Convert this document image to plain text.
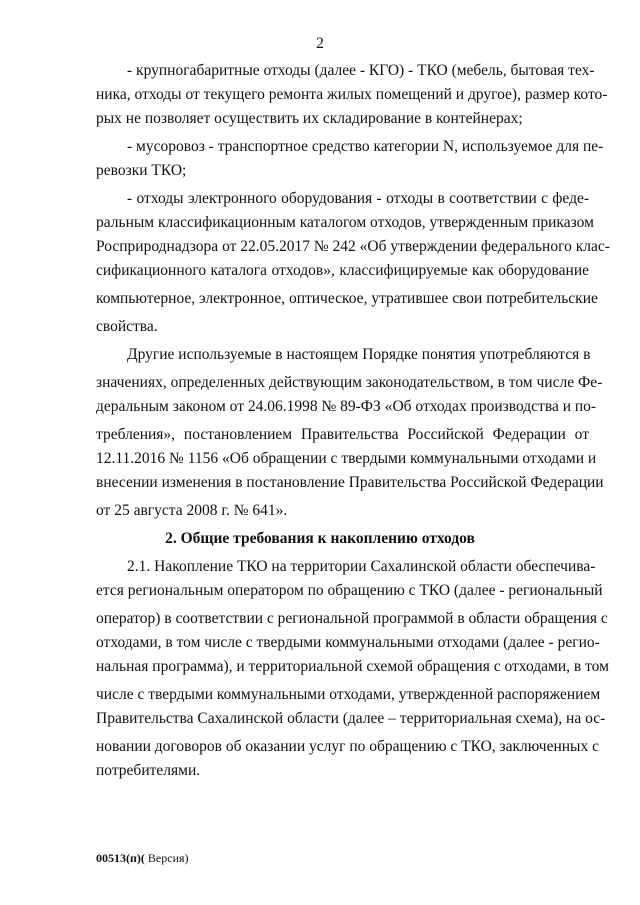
2
- крупногабаритные отходы (далее - КГО) - ТКО (мебель, бытовая тех-
ника, отходы от текущего ремонта жилых помещений и другое), размер кото-
рых не позволяет осуществить их складирование в контейнерах;
- мусоровоз - транспортное средство категории N, используемое для пе-
ревозки ТКО;
- отходы электронного оборудования - отходы в соответствии с феде-
ральным классификационным каталогом отходов, утвержденным приказом
Росприроднадзора от 22.05.2017 № 242 «Об утверждении федерального клас-
сификационного каталога отходов», классифицируемые как оборудование
компьютерное, электронное, оптическое, утратившее свои потребительские
свойства.
Другие используемые в настоящем Порядке понятия употребляются в
значениях, определенных действующим законодательством, в том числе Фе-
деральным законом от 24.06.1998 № 89-ФЗ «Об отходах производства и по-
требления», постановлением Правительства Российской Федерации от
12.11.2016 № 1156 «Об обращении с твердыми коммунальными отходами и
внесении изменения в постановление Правительства Российской Федерации
от 25 августа 2008 г. № 641».
2. Общие требования к накоплению отходов
2.1. Накопление ТКО на территории Сахалинской области обеспечива-
ется региональным оператором по обращению с ТКО (далее - региональный
оператор) в соответствии с региональной программой в области обращения с
отходами, в том числе с твердыми коммунальными отходами (далее - регио-
нальная программа), и территориальной схемой обращения с отходами, в том
числе с твердыми коммунальными отходами, утвержденной распоряжением
Правительства Сахалинской области (далее – территориальная схема), на ос-
новании договоров об оказании услуг по обращению с ТКО, заключенных с
потребителями.
00513(п)( Версия)
